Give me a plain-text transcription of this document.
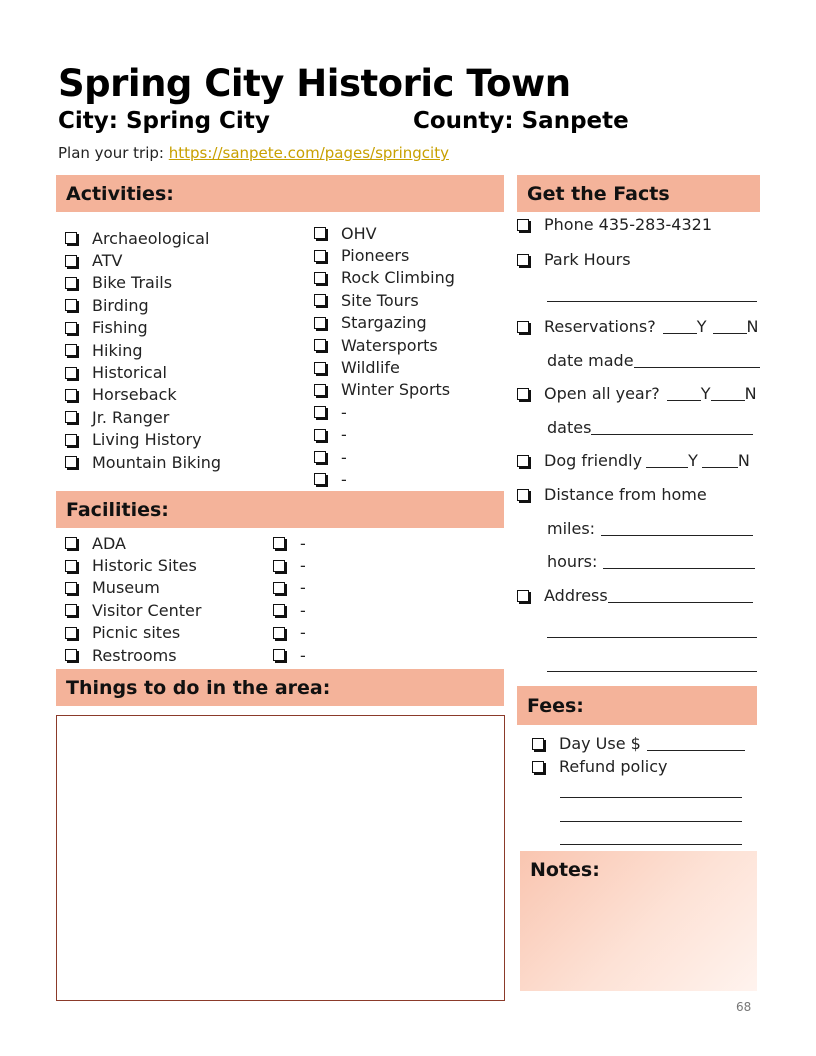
Spring City Historic Town
City: Spring City	County: Sanpete
Plan your trip: https://sanpete.com/pages/springcity
Activities:
Archaeological
ATV
Bike Trails
Birding
Fishing
Hiking
Historical
Horseback
Jr. Ranger
Living History
Mountain Biking
OHV
Pioneers
Rock Climbing
Site Tours
Stargazing
Watersports
Wildlife
Winter Sports
-
-
-
-
Facilities:
ADA
Historic Sites
Museum
Visitor Center
Picnic sites
Restrooms
-
-
-
-
-
-
Things to do in the area:
Get the Facts
Phone 435-283-4321
Park Hours
Reservations?	Y	N
date made
Open all year?	Y N
dates
Dog friendly	Y	N
Distance from home
miles:
hours:
Address
Fees:
Day Use $
Refund policy
Notes:
68
